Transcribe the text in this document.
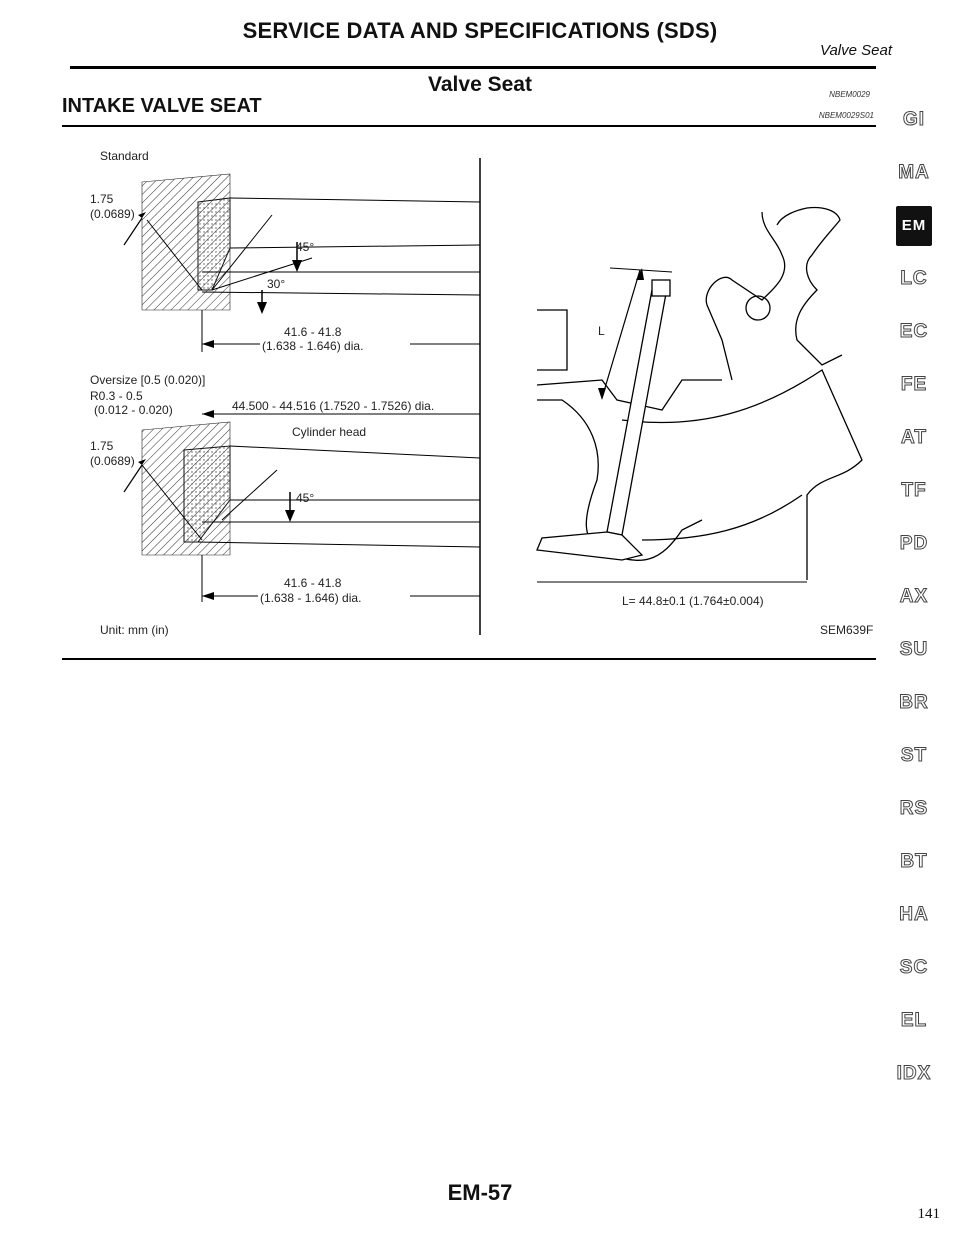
SERVICE DATA AND SPECIFICATIONS (SDS)
Valve Seat
Valve Seat	NBEM0029
INTAKE VALVE SEAT	NBEM0029S01
Standard
1.75
(0.0689)
45°
30°
41.6 - 41.8
(1.638 - 1.646) dia.
Oversize [0.5 (0.020)]
R0.3 - 0.5
(0.012 - 0.020)	44.500 - 44.516 (1.7520 - 1.7526) dia.
Cylinder head
1.75
(0.0689)
45°
41.6 - 41.8
(1.638 - 1.646) dia.
Unit: mm (in)
L
L= 44.8±0.1 (1.764±0.004)
SEM639F
GI
MA
EM
LC
EC
FE
AT
TF
PD
AX
SU
BR
ST
RS
BT
HA
SC
EL
IDX
EM-57
141
